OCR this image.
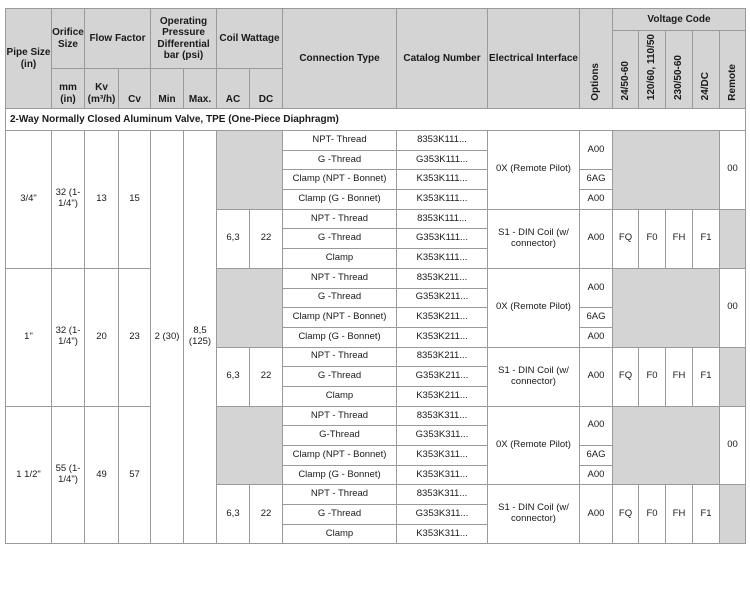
Pipe Size (in)	Orifice Size	Flow Factor		Operating Pressure Differential bar (psi)		Coil Wattage		Connection Type	Catalog Number	Electrical Interface	Options	Voltage Code				
												24/50-60	120/60, 110/50	230/50-60	24/DC	Remote
	mm (in)	Kv (m³/h)	Cv	Min	Max.	AC	DC									
2-Way Normally Closed Aluminum Valve, TPE (One-Piece Diaphragm)																
3/4"	32 (1-1/4")	13	15	2 (30)	8,5 (125)			NPT- Thread	8353K111...	0X (Remote Pilot)	A00					00
								G -Thread	G353K111...							
								Clamp (NPT - Bonnet)	K353K111...		6AG					
								Clamp (G - Bonnet)	K353K111...		A00					
						6,3	22	NPT - Thread	8353K111...	S1 - DIN Coil (w/ connector)	A00	FQ	F0	FH	F1	
								G -Thread	G353K111...							
								Clamp	K353K111...							
1"	32 (1-1/4")	20	23					NPT - Thread	8353K211...	0X (Remote Pilot)	A00					00
								G -Thread	G353K211...							
								Clamp (NPT - Bonnet)	K353K211...		6AG					
								Clamp (G - Bonnet)	K353K211...		A00					
						6,3	22	NPT - Thread	8353K211...	S1 - DIN Coil (w/ connector)	A00	FQ	F0	FH	F1	
								G -Thread	G353K211...							
								Clamp	K353K211...							
1 1/2"	55 (1-1/4")	49	57					NPT - Thread	8353K311...	0X (Remote Pilot)	A00					00
								G-Thread	G353K311...							
								Clamp (NPT - Bonnet)	K353K311...		6AG					
								Clamp (G - Bonnet)	K353K311...		A00					
						6,3	22	NPT - Thread	8353K311...	S1 - DIN Coil (w/ connector)	A00	FQ	F0	FH	F1	
								G -Thread	G353K311...							
								Clamp	K353K311...							
